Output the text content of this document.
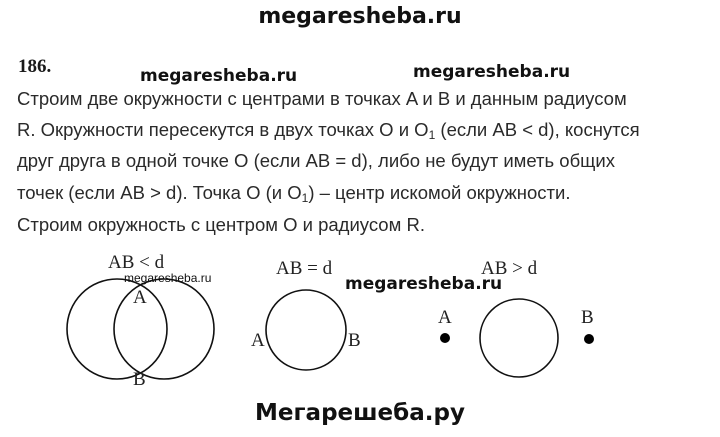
megaresheba.ru
megaresheba.ru	megaresheba.ru
186.
Строим две окружности с центрами в точках A и B и данным радиусом
R. Окружности пересекутся в двух точках O и $O_1$ (если AB < d), коснутся
друг друга в одной точке O (если AB = d), либо не будут иметь общих
точек (если AB > d). Точка O (и $O_1$) – центр искомой окружности.
Строим окружность с центром O и радиусом R.
AB < d
megaresheba.ru
A
B
AB = d
A	B
AB > d
A	B
megaresheba.ru
Мегарешеба.ру
